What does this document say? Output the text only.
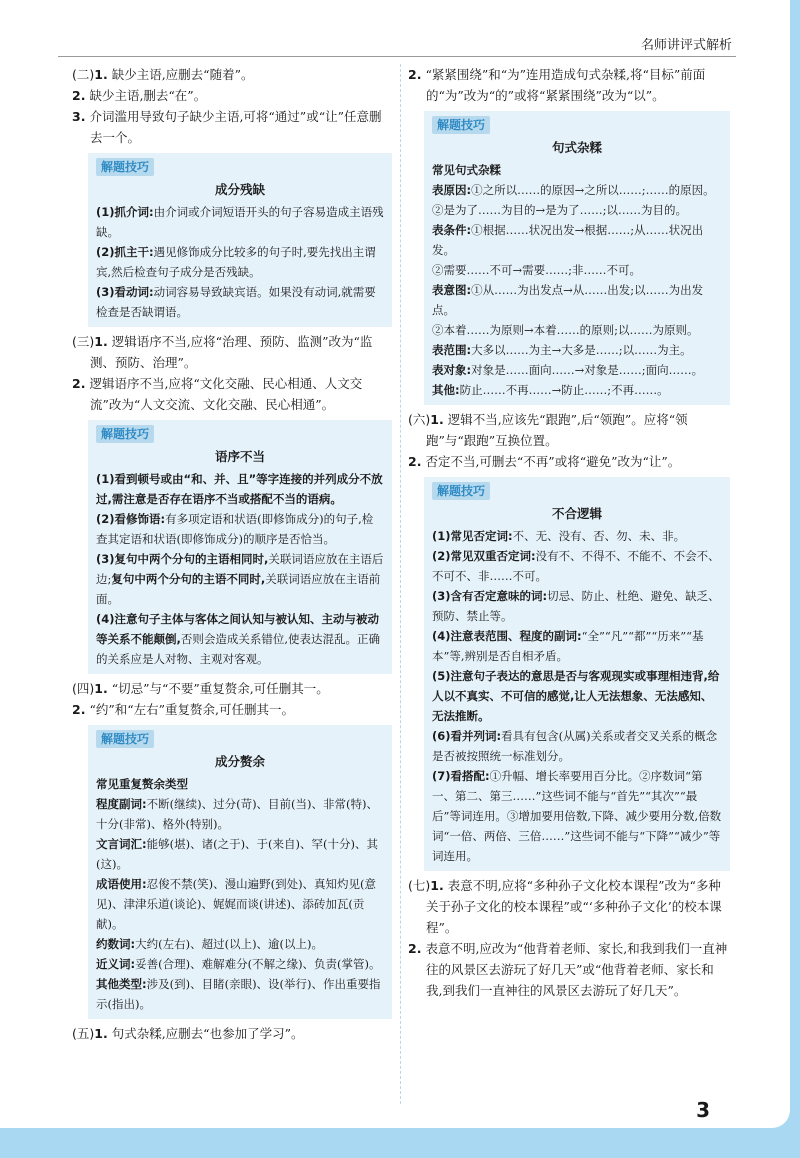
名师讲评式解析

(二)1. 缺少主语,应删去“随着”。

2. 缺少主语,删去“在”。

3. 介词滥用导致句子缺少主语,可将“通过”或“让”任意删去一个。

解题技巧
成分残缺

(1)抓介词:由介词或介词短语开头的句子容易造成主语残缺。

(2)抓主干:遇见修饰成分比较多的句子时,要先找出主谓宾,然后检查句子成分是否残缺。

(3)看动词:动词容易导致缺宾语。如果没有动词,就需要检查是否缺谓语。

(三)1. 逻辑语序不当,应将“治理、预防、监测”改为“监测、预防、治理”。

2. 逻辑语序不当,应将“文化交融、民心相通、人文交流”改为“人文交流、文化交融、民心相通”。

解题技巧
语序不当

(1)看到顿号或由“和、并、且”等字连接的并列成分不放过,需注意是否存在语序不当或搭配不当的语病。

(2)看修饰语:有多项定语和状语(即修饰成分)的句子,检查其定语和状语(即修饰成分)的顺序是否恰当。

(3)复句中两个分句的主语相同时,关联词语应放在主语后边;复句中两个分句的主语不同时,关联词语应放在主语前面。

(4)注意句子主体与客体之间认知与被认知、主动与被动等关系不能颠倒,否则会造成关系错位,使表达混乱。正确的关系应是人对物、主观对客观。

(四)1. “切忌”与“不要”重复赘余,可任删其一。

2. “约”和“左右”重复赘余,可任删其一。

解题技巧
成分赘余
常见重复赘余类型

程度副词:不断(继续)、过分(苛)、目前(当)、非常(特)、十分(非常)、格外(特别)。

文言词汇:能够(堪)、诸(之于)、于(来自)、罕(十分)、其(这)。

成语使用:忍俊不禁(笑)、漫山遍野(到处)、真知灼见(意见)、津津乐道(谈论)、娓娓而谈(讲述)、添砖加瓦(贡献)。

约数词:大约(左右)、超过(以上)、逾(以上)。

近义词:妥善(合理)、难解难分(不解之缘)、负责(掌管)。

其他类型:涉及(到)、目睹(亲眼)、设(举行)、作出重要指示(指出)。

(五)1. 句式杂糅,应删去“也参加了学习”。

2. “紧紧围绕”和“为”连用造成句式杂糅,将“目标”前面的“为”改为“的”或将“紧紧围绕”改为“以”。

解题技巧
句式杂糅
常见句式杂糅

表原因:①之所以……的原因→之所以……;……的原因。

②是为了……为目的→是为了……;以……为目的。

表条件:①根据……状况出发→根据……;从……状况出发。

②需要……不可→需要……;非……不可。

表意图:①从……为出发点→从……出发;以……为出发点。

②本着……为原则→本着……的原则;以……为原则。

表范围:大多以……为主→大多是……;以……为主。

表对象:对象是……面向……→对象是……;面向……。

其他:防止……不再……→防止……;不再……。

(六)1. 逻辑不当,应该先“跟跑”,后“领跑”。应将“领跑”与“跟跑”互换位置。

2. 否定不当,可删去“不再”或将“避免”改为“让”。

解题技巧
不合逻辑

(1)常见否定词:不、无、没有、否、勿、未、非。

(2)常见双重否定词:没有不、不得不、不能不、不会不、不可不、非……不可。

(3)含有否定意味的词:切忌、防止、杜绝、避免、缺乏、预防、禁止等。

(4)注意表范围、程度的副词:“全”“凡”“都”“历来”“基本”等,辨别是否自相矛盾。

(5)注意句子表达的意思是否与客观现实或事理相违背,给人以不真实、不可信的感觉,让人无法想象、无法感知、无法推断。

(6)看并列词:看具有包含(从属)关系或者交叉关系的概念是否被按照统一标准划分。

(7)看搭配:①升幅、增长率要用百分比。②序数词“第一、第二、第三……”这些词不能与“首先”“其次”“最后”等词连用。③增加要用倍数,下降、减少要用分数,倍数词“一倍、两倍、三倍……”这些词不能与“下降”“减少”等词连用。

(七)1. 表意不明,应将“多种孙子文化校本课程”改为“多种关于孙子文化的校本课程”或“‘多种孙子文化’的校本课程”。

2. 表意不明,应改为“他背着老师、家长,和我到我们一直神往的风景区去游玩了好几天”或“他背着老师、家长和我,到我们一直神往的风景区去游玩了好几天”。

3
